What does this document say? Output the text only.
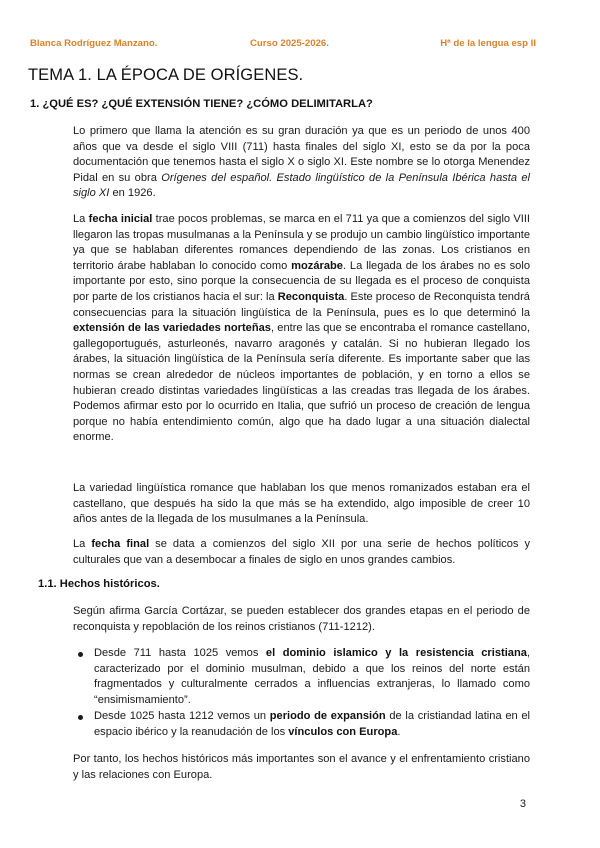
Blanca Rodríguez Manzano.	Curso 2025-2026.	Hª de la lengua esp II
TEMA 1. LA ÉPOCA DE ORÍGENES.
1. ¿QUÉ ES? ¿QUÉ EXTENSIÓN TIENE? ¿CÓMO DELIMITARLA?

Lo primero que llama la atención es su gran duración ya que es un periodo de unos 400 años que va desde el siglo VIII (711) hasta finales del siglo XI, esto se da por la poca documentación que tenemos hasta el siglo X o siglo XI. Este nombre se lo otorga Menendez Pidal en su obra Orígenes del español. Estado lingüístico de la Península Ibérica hasta el siglo XI en 1926.

La fecha inicial trae pocos problemas, se marca en el 711 ya que a comienzos del siglo VIII llegaron las tropas musulmanas a la Península y se produjo un cambio lingüístico importante ya que se hablaban diferentes romances dependiendo de las zonas. Los cristianos en territorio árabe hablaban lo conocido como mozárabe. La llegada de los árabes no es solo importante por esto, sino porque la consecuencia de su llegada es el proceso de conquista por parte de los cristianos hacia el sur: la Reconquista. Este proceso de Reconquista tendrá consecuencias para la situación lingüística de la Península, pues es lo que determinó la extensión de las variedades norteñas, entre las que se encontraba el romance castellano, gallegoportugués, asturleonés, navarro aragonés y catalán. Si no hubieran llegado los árabes, la situación lingüística de la Península sería diferente. Es importante saber que las normas se crean alrededor de núcleos importantes de población, y en torno a ellos se hubieran creado distintas variedades lingüísticas a las creadas tras llegada de los árabes. Podemos afirmar esto por lo ocurrido en Italia, que sufrió un proceso de creación de lengua porque no había entendimiento común, algo que ha dado lugar a una situación dialectal enorme.

La variedad lingüística romance que hablaban los que menos romanizados estaban era el castellano, que después ha sido la que más se ha extendido, algo imposible de creer 10 años antes de la llegada de los musulmanes a la Península.

La fecha final se data a comienzos del siglo XII por una serie de hechos políticos y culturales que van a desembocar a finales de siglo en unos grandes cambios.

1.1. Hechos históricos.

Según afirma García Cortázar, se pueden establecer dos grandes etapas en el periodo de reconquista y repoblación de los reinos cristianos (711-1212).

Desde 711 hasta 1025 vemos el dominio islamico y la resistencia cristiana, caracterizado por el dominio musulman, debido a que los reinos del norte están fragmentados y culturalmente cerrados a influencias extranjeras, lo llamado como “ensimismamiento”.
Desde 1025 hasta 1212 vemos un periodo de expansión de la cristiandad latina en el espacio ibérico y la reanudación de los vínculos con Europa.

Por tanto, los hechos históricos más importantes son el avance y el enfrentamiento cristiano y las relaciones con Europa.

3
